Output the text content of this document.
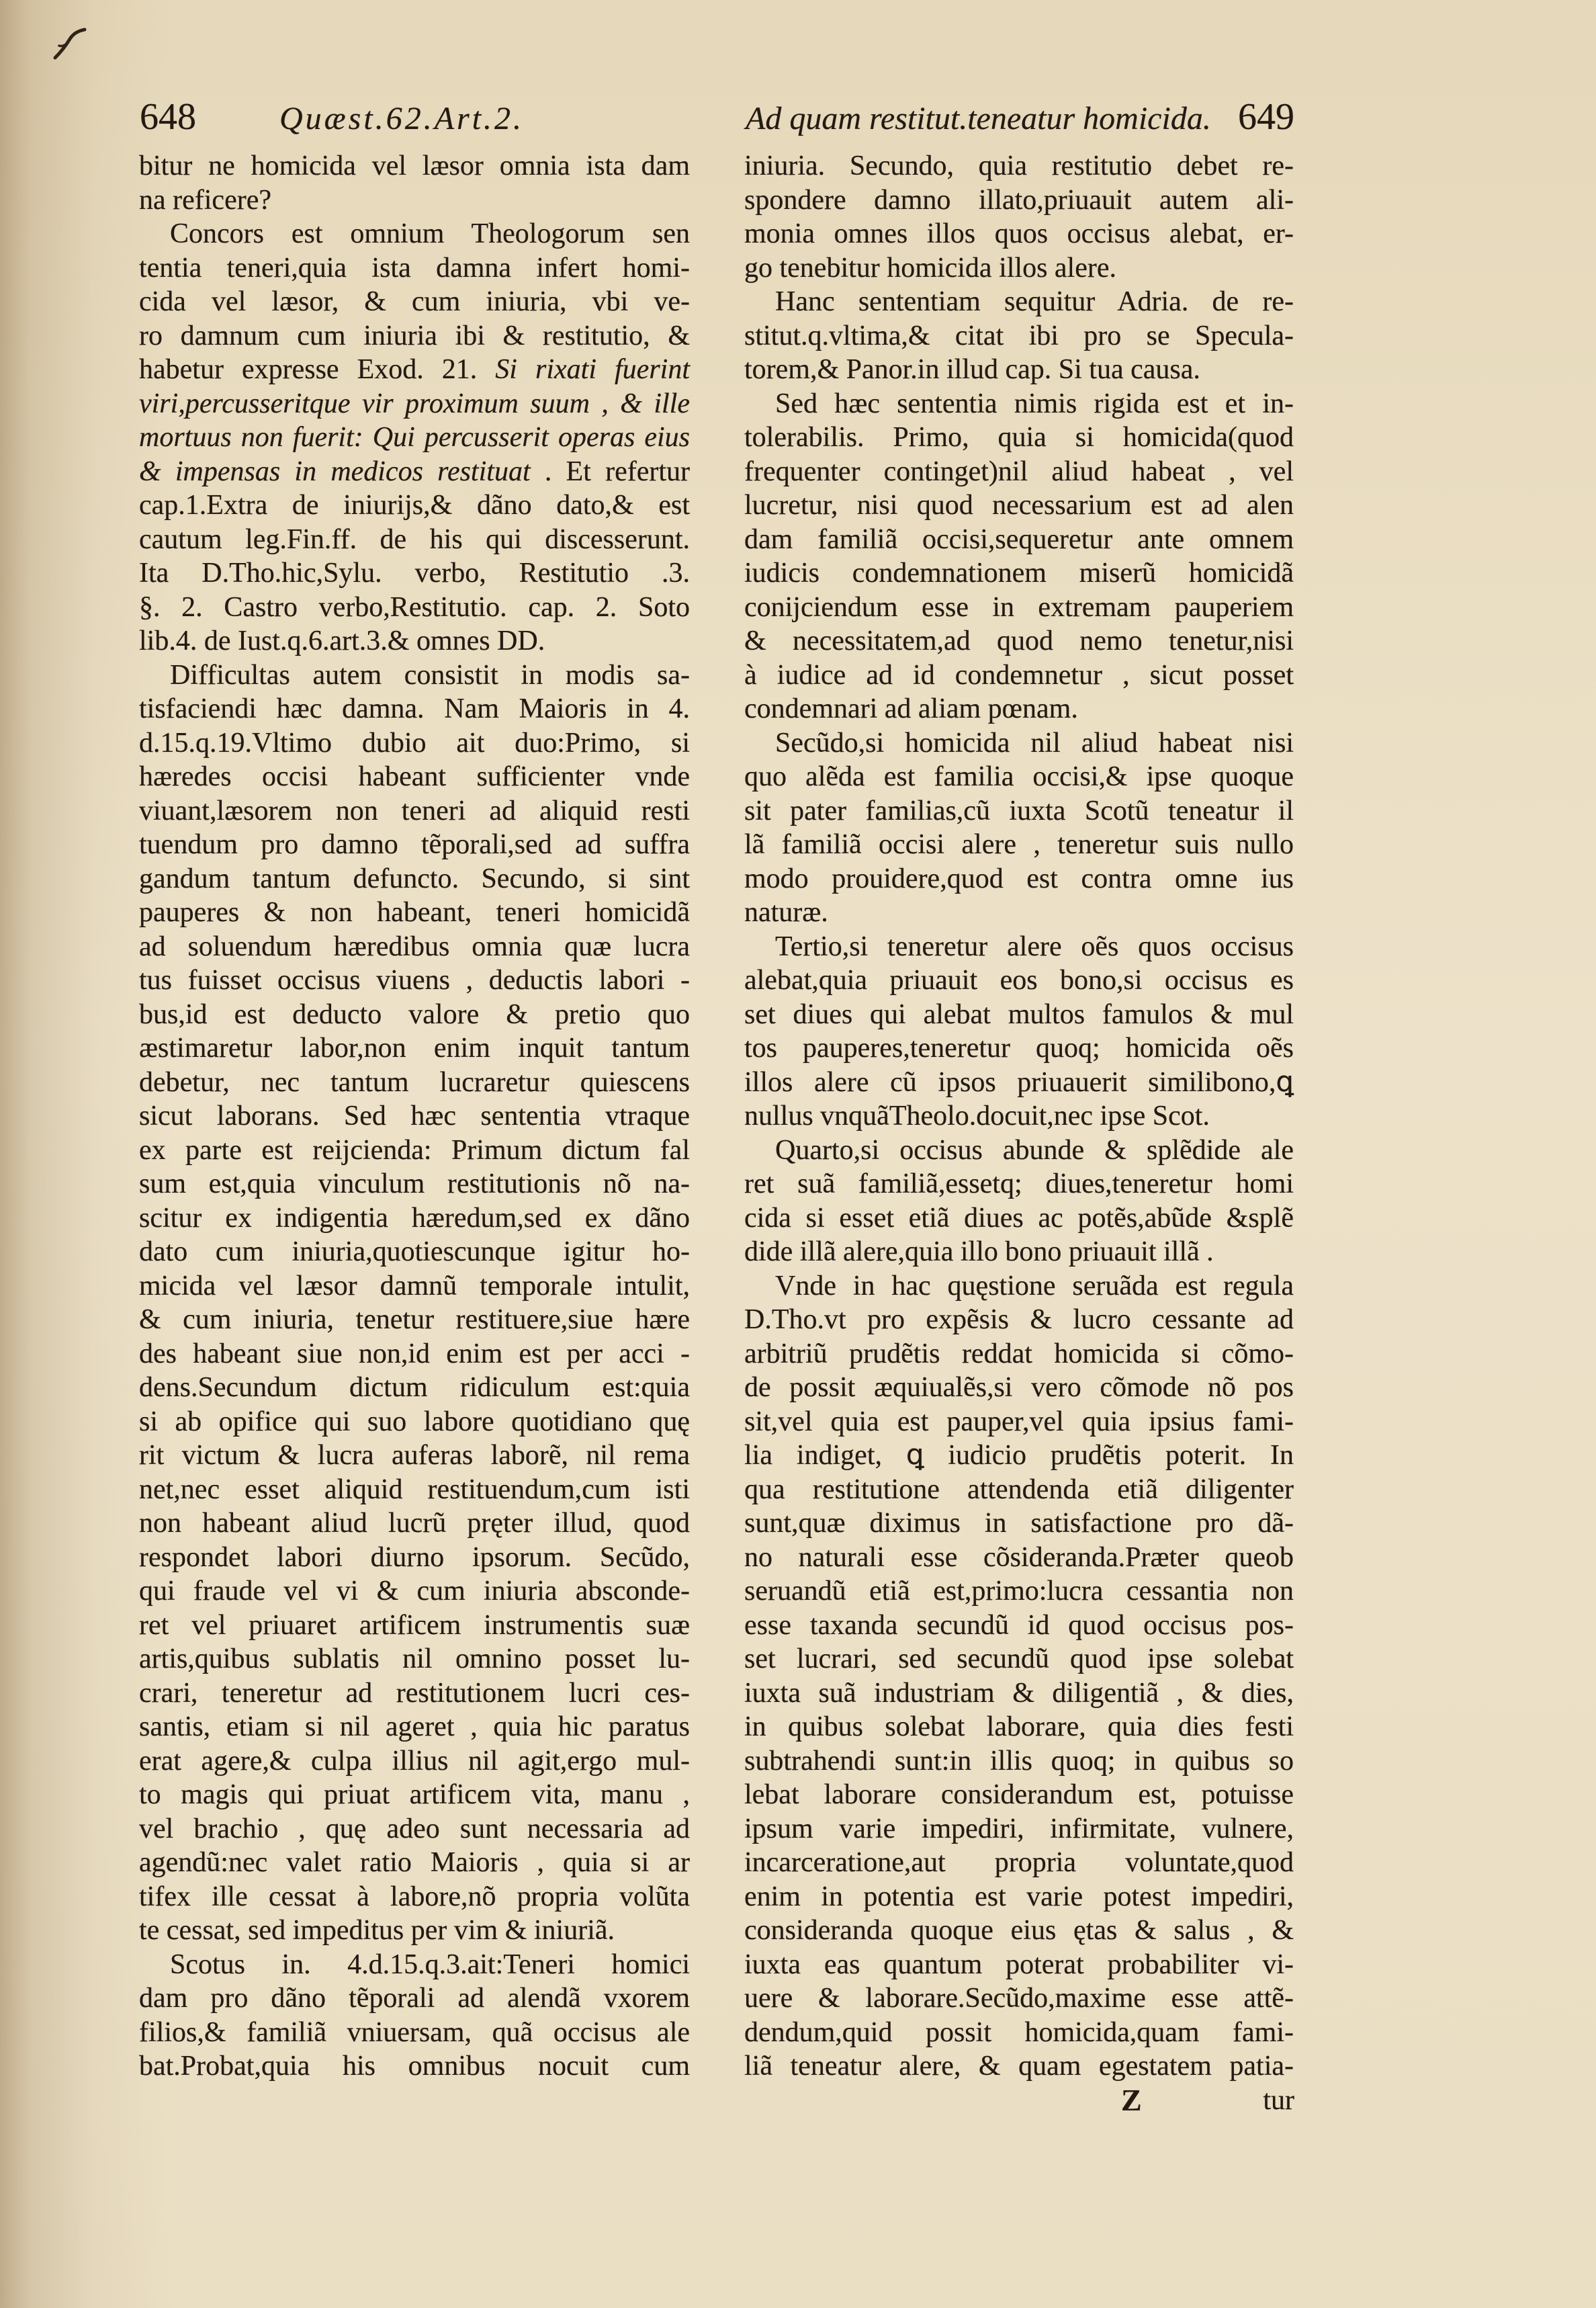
648	Quæst.62.Art.2.	Ad quam restitut.teneatur homicida. 649
bitur ne homicida vel læsor omnia ista dam
na reficere?
Concors est omnium Theologorum sen
tentia teneri,quia ista damna infert homi-
cida vel læsor, & cum iniuria, vbi ve-
ro damnum cum iniuria ibi & restitutio, &
habetur expresse Exod. 21. Si rixati fuerint
viri,percusseritque vir proximum suum , & ille
mortuus non fuerit: Qui percusserit operas eius
& impensas in medicos restituat . Et refertur
cap.1.Extra de iniurijs,& dãno dato,& est
cautum leg.Fin.ff. de his qui discesserunt.
Ita D.Tho.hic,Sylu. verbo, Restitutio .3.
§. 2. Castro verbo,Restitutio. cap. 2. Soto
lib.4. de Iust.q.6.art.3.& omnes DD.
Difficultas autem consistit in modis sa-
tisfaciendi hæc damna. Nam Maioris in 4.
d.15.q.19.Vltimo dubio ait duo:Primo, si
hæredes occisi habeant sufficienter vnde
viuant,læsorem non teneri ad aliquid resti
tuendum pro damno tẽporali,sed ad suffra
gandum tantum defuncto. Secundo, si sint
pauperes & non habeant, teneri homicidã
ad soluendum hæredibus omnia quæ lucra
tus fuisset occisus viuens , deductis labori -
bus,id est deducto valore & pretio quo
æstimaretur labor,non enim inquit tantum
debetur, nec tantum lucraretur quiescens
sicut laborans. Sed hæc sententia vtraque
ex parte est reijcienda: Primum dictum fal
sum est,quia vinculum restitutionis nõ na-
scitur ex indigentia hæredum,sed ex dãno
dato cum iniuria,quotiescunque igitur ho-
micida vel læsor damnũ temporale intulit,
& cum iniuria, tenetur restituere,siue hære
des habeant siue non,id enim est per acci -
dens.Secundum dictum ridiculum est:quia
si ab opifice qui suo labore quotidiano quę
rit victum & lucra auferas laborẽ, nil rema
net,nec esset aliquid restituendum,cum isti
non habeant aliud lucrũ pręter illud, quod
respondet labori diurno ipsorum. Secũdo,
qui fraude vel vi & cum iniuria absconde-
ret vel priuaret artificem instrumentis suæ
artis,quibus sublatis nil omnino posset lu-
crari, teneretur ad restitutionem lucri ces-
santis, etiam si nil ageret , quia hic paratus
erat agere,& culpa illius nil agit,ergo mul-
to magis qui priuat artificem vita, manu ,
vel brachio , quę adeo sunt necessaria ad
agendũ:nec valet ratio Maioris , quia si ar
tifex ille cessat à labore,nõ propria volũta
te cessat, sed impeditus per vim & iniuriã.
Scotus in. 4.d.15.q.3.ait:Teneri homici
dam pro dãno tẽporali ad alendã vxorem
filios,& familiã vniuersam, quã occisus ale
bat.Probat,quia his omnibus nocuit cum
iniuria. Secundo, quia restitutio debet re-
spondere damno illato,priuauit autem ali-
monia omnes illos quos occisus alebat, er-
go tenebitur homicida illos alere.
Hanc sententiam sequitur Adria. de re-
stitut.q.vltima,& citat ibi pro se Specula-
torem,& Panor.in illud cap. Si tua causa.
Sed hæc sententia nimis rigida est et in-
tolerabilis. Primo, quia si homicida(quod
frequenter continget)nil aliud habeat , vel
lucretur, nisi quod necessarium est ad alen
dam familiã occisi,sequeretur ante omnem
iudicis condemnationem miserũ homicidã
conijciendum esse in extremam pauperiem
& necessitatem,ad quod nemo tenetur,nisi
à iudice ad id condemnetur , sicut posset
condemnari ad aliam pœnam.
Secũdo,si homicida nil aliud habeat nisi
quo alẽda est familia occisi,& ipse quoque
sit pater familias,cũ iuxta Scotũ teneatur il
lã familiã occisi alere , teneretur suis nullo
modo prouidere,quod est contra omne ius
naturæ.
Tertio,si teneretur alere oẽs quos occisus
alebat,quia priuauit eos bono,si occisus es
set diues qui alebat multos famulos & mul
tos pauperes,teneretur quoq; homicida oẽs
illos alere cũ ipsos priuauerit similibono,ꝗ
nullus vnquãTheolo.docuit,nec ipse Scot.
Quarto,si occisus abunde & splẽdide ale
ret suã familiã,essetq; diues,teneretur homi
cida si esset etiã diues ac potẽs,abũde &splẽ
dide illã alere,quia illo bono priuauit illã .
Vnde in hac quęstione seruãda est regula
D.Tho.vt pro expẽsis & lucro cessante ad
arbitriũ prudẽtis reddat homicida si cõmo-
de possit æquiualẽs,si vero cõmode nõ pos
sit,vel quia est pauper,vel quia ipsius fami-
lia indiget, ꝗ iudicio prudẽtis poterit. In
qua restitutione attendenda etiã diligenter
sunt,quæ diximus in satisfactione pro dã-
no naturali esse cõsideranda.Præter queob
seruandũ etiã est,primo:lucra cessantia non
esse taxanda secundũ id quod occisus pos-
set lucrari, sed secundũ quod ipse solebat
iuxta suã industriam & diligentiã , & dies,
in quibus solebat laborare, quia dies festi
subtrahendi sunt:in illis quoq; in quibus so
lebat laborare considerandum est, potuisse
ipsum varie impediri, infirmitate, vulnere,
incarceratione,aut propria voluntate,quod
enim in potentia est varie potest impediri,
consideranda quoque eius ętas & salus , &
iuxta eas quantum poterat probabiliter vi-
uere & laborare.Secũdo,maxime esse attẽ-
dendum,quid possit homicida,quam fami-
liã teneatur alere, & quam egestatem patia-
Z	tur
